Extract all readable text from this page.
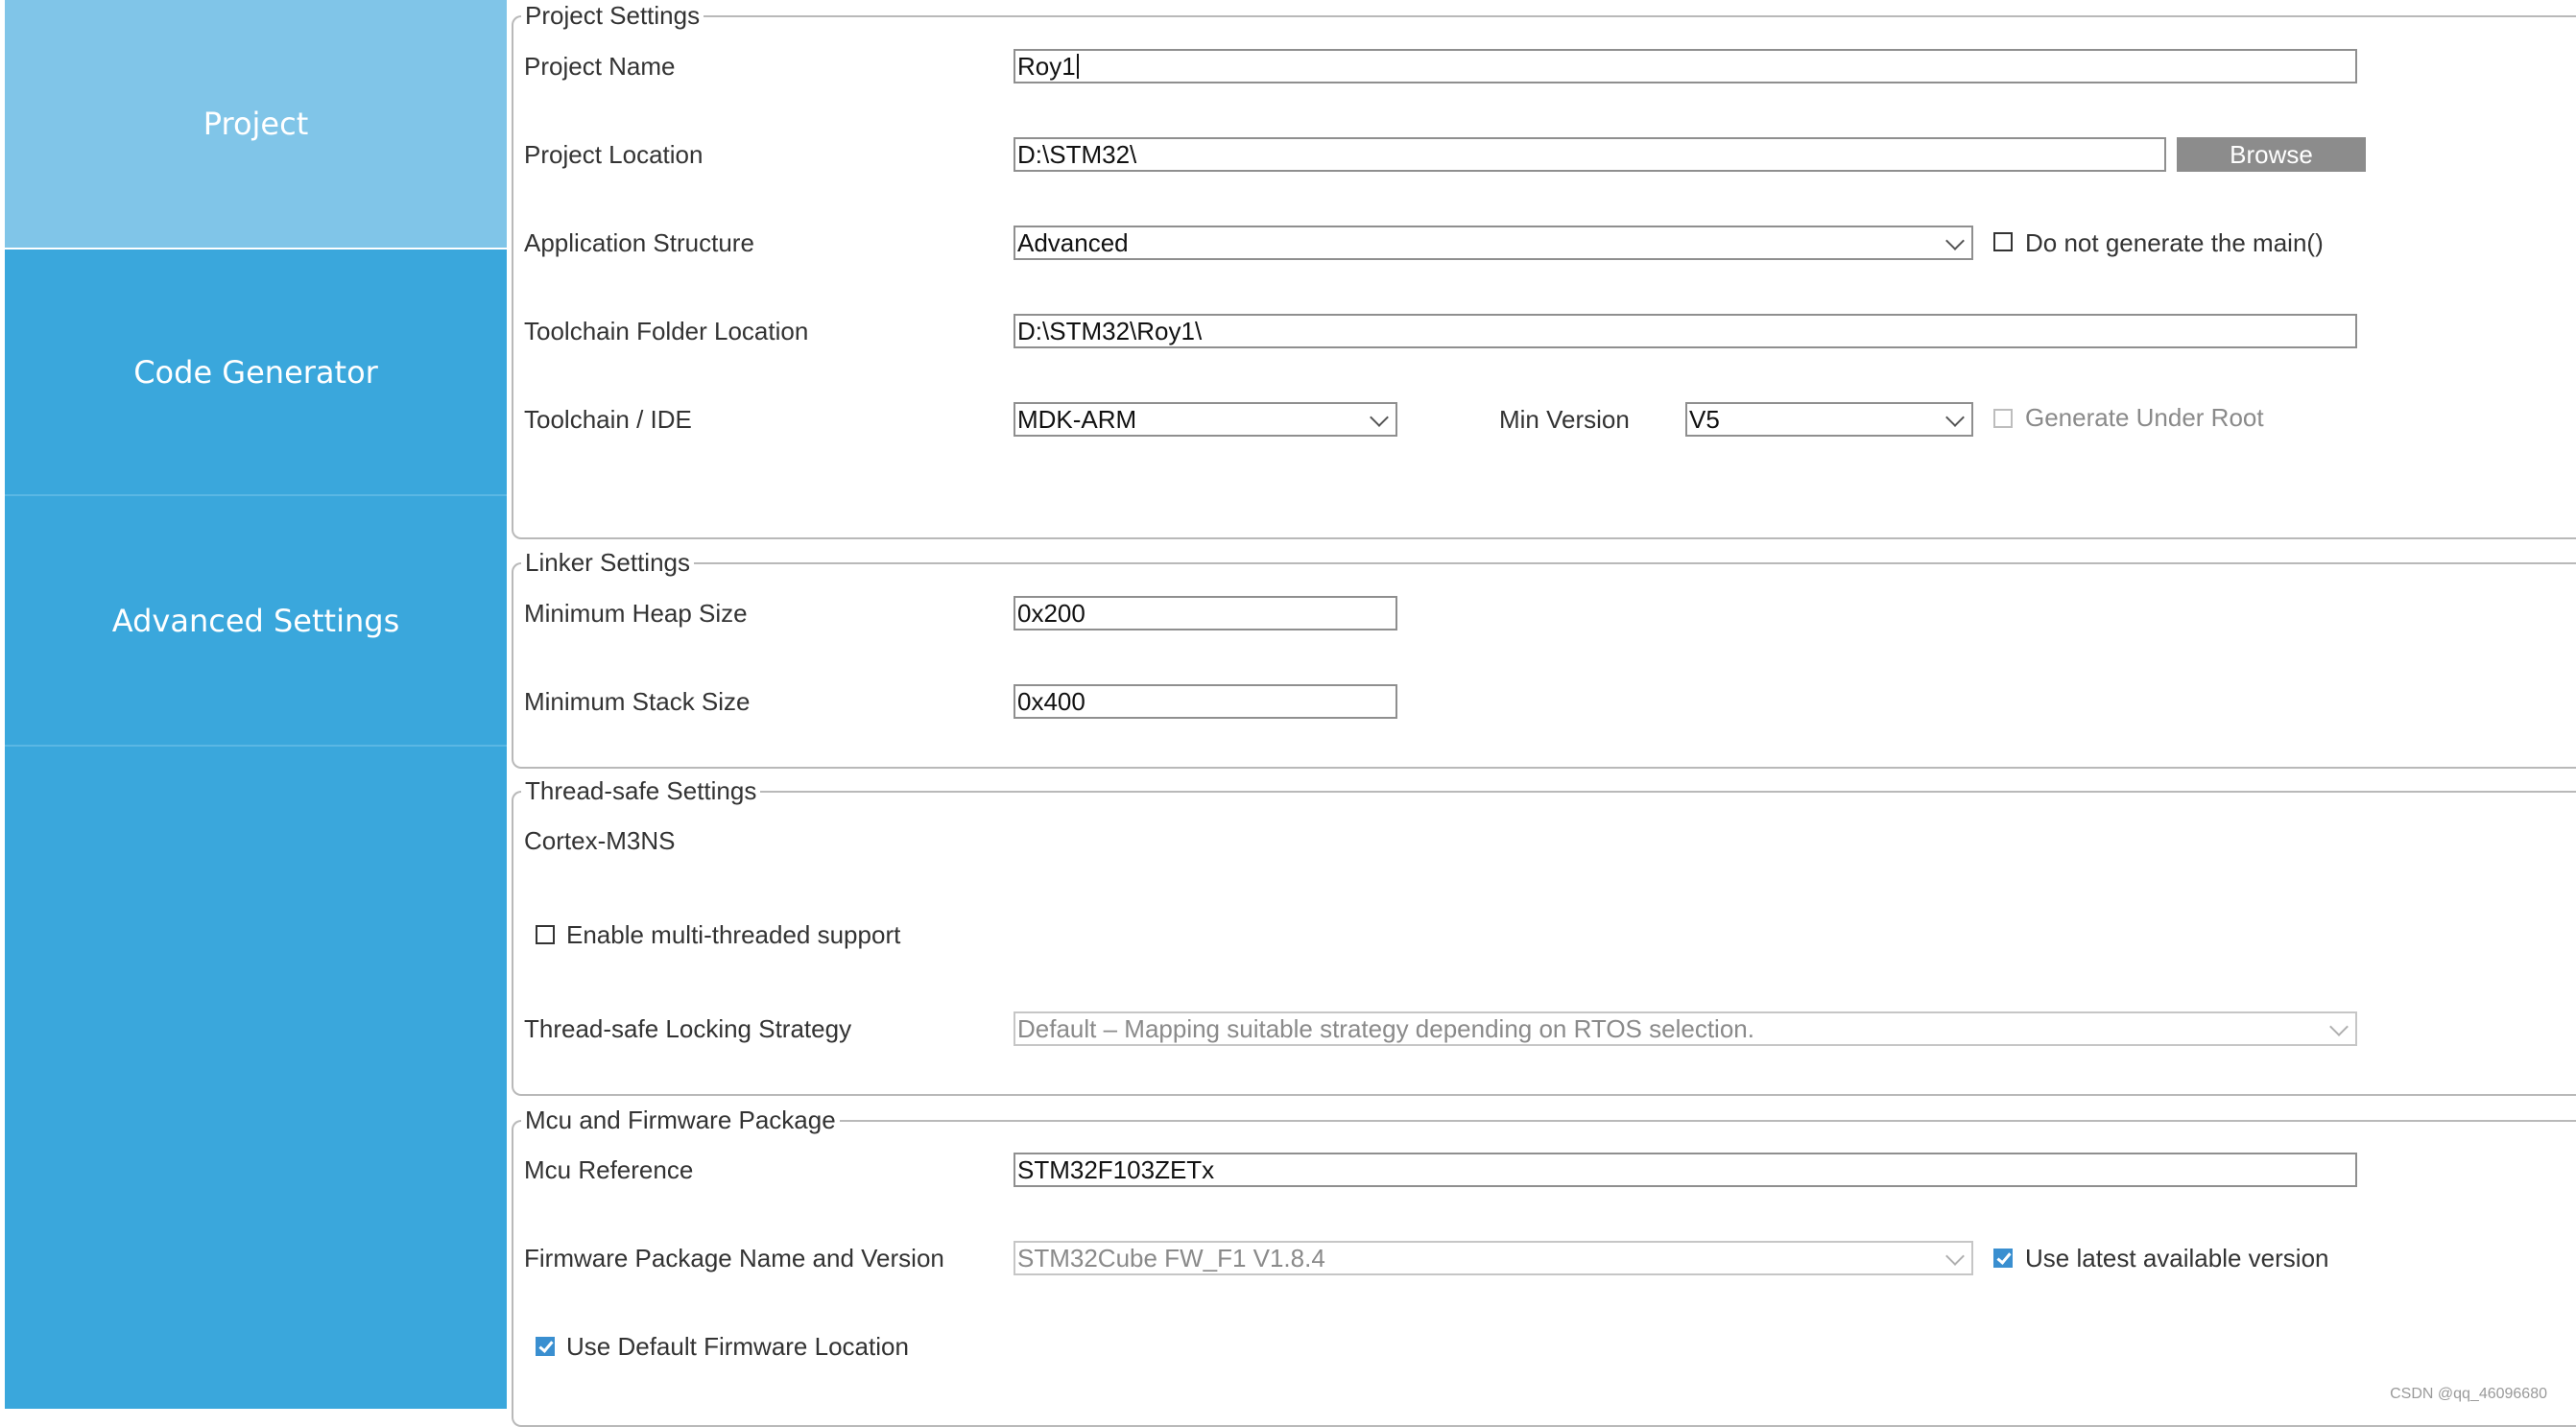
Project
Code Generator
Advanced Settings
Project Settings
Project Name	Roy1
Project Location	D:\STM32\	Browse
Application Structure	Advanced	Do not generate the main()
Toolchain Folder Location	D:\STM32\Roy1\
Toolchain / IDE	MDK-ARM	Min Version V5	Generate Under Root
Linker Settings
Minimum Heap Size	0x200
Minimum Stack Size	0x400
Thread-safe Settings
Cortex-M3NS
Enable multi-threaded support
Thread-safe Locking Strategy	Default – Mapping suitable strategy depending on RTOS selection.
Mcu and Firmware Package
Mcu Reference	STM32F103ZETx
Firmware Package Name and Version	STM32Cube FW_F1 V1.8.4	Use latest available version
Use Default Firmware Location
CSDN @qq_46096680
